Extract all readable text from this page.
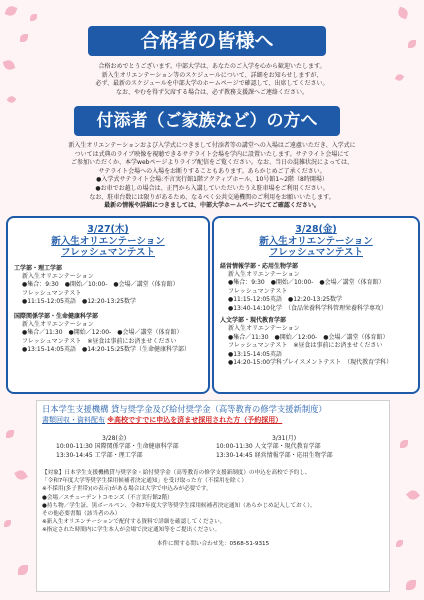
合格者の皆様へ
合格おめでとうございます。中部大学は、あなたのご入学を心から歓迎いたします。
新入生オリエンテーション等のスケジュールについて、詳細をお知らせしますが、
必ず、最新のスケジュールを中部大学のホームページで確認して、出席してください。
なお、やむを得ず欠席する場合は、必ず教務支援課へご連絡ください。
付添者（ご家族など）の方へ
新入生オリエンテーションおよび入学式につきまして付添者等の講堂への入場はご遠慮いただき、入学式に
ついては式典のライブ映像を視聴できるサテライト会場を学内に設置いたします。サテライト会場にて
ご参加いただくか、本学webページよりライブ配信をご覧ください。なお、当日の混雑状況によっては、
サテライト会場への入場をお断りすることもあります。あらかじめご了承ください。
●入学式サテライト会場:不言実行館1階アクティブホール、10号館1~2階（8時開場）
●お車でお越しの場合は、正門から入講していただいたうえ駐車場をご利用ください。
なお、駐車台数には限りがあるため、なるべく公共交通機関のご利用をお願いいたします。
最新の情報や詳細につきましては、中部大学ホームページにてご確認ください。
3/27(木)
新入生オリエンテーション
フレッシュマンテスト
工学部・理工学部
新入生オリエンテーション
●集合：9:30　●開始／10:00-　●会場／講堂（体育館）
フレッシュマンテスト
●11:15-12:05英語　●12:20-13:25数学
国際関係学部・生命健康科学部
新入生オリエンテーション
●集合／11:30　●開始／12:00-　●会場／講堂（体育館）
フレッシュマンテスト　※昼食は事前にお済ませください
●13:15-14:05英語　●14:20-15:25数学（生命健康科学部）
3/28(金)
新入生オリエンテーション
フレッシュマンテスト
経営情報学部・応用生物学部
新入生オリエンテーション
●集合：9:30　●開始／10:00-　●会場／講堂（体育館）
フレッシュマンテスト
●11:15-12:05英語　●12:20-13:25数学
●13:40-14:10化学　（食品栄養科学科管理栄養科学専攻）
人文学部・現代教育学部
新入生オリエンテーション
●集合／11:30　●開始／12:00-　●会場／講堂（体育館）
フレッシュマンテスト　※昼食は事前にお済ませください
●13:15-14:05英語
●14:20-15:00学科プレイスメントテスト　（現代教育学科）
日本学生支援機構 貸与奨学金及び給付奨学金（高等教育の修学支援新制度）
書類回収・資料配布 ※高校ですでに申込を済ませ採用された方（予約採用）
3/28(金)
10:00-11:30 国際関係学部・生命健康科学部
13:30-14:45 工学部・理工学部
3/31(月)
10:00-11:30 人文学部・現代教育学部
13:30-14:45 経営情報学部・応用生物学部
【対象】日本学生支援機構貸与奨学金・給付奨学金（高等教育の修学支援新制度）の申込を高校で予約し、
「令和7年度大学等奨学生採用候補者決定通知」を受け取った方（不採用を除く）
※不採用(多子世帯)(の表示)がある場合は大学で申込みが必要です。
●会場／スチューデントコモンズ（不言実行館2階）
●持ち物／学生証、黒ボールペン、令和7年度大学等奨学生採用候補者決定通知（あらかじめ記入しておく）、
その他必要書類（該当者のみ）
※新入生オリエンテーションで配付する資料で詳細を確認してください。
※指定された時間内に学生本人が会場で決定通知等をご提出ください。
本件に関する問い合わせ先：0568-51-9315
